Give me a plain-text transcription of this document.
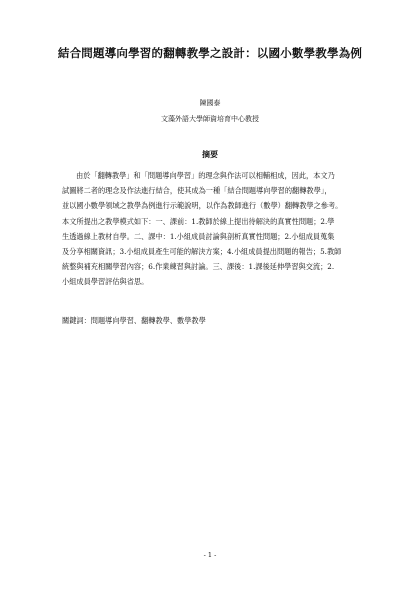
結合問題導向學習的翻轉教學之設計：以國小數學教學為例
陳國泰
文藻外語大學師資培育中心教授
摘要
由於「翻轉教學」和「問題導向學習」的理念與作法可以相輔相成，因此，本文乃
試圖將二者的理念及作法進行結合，使其成為一種「結合問題導向學習的翻轉教學」，
並以國小數學領域之教學為例進行示範說明，以作為教師進行（數學）翻轉教學之參考。
本文所提出之教學模式如下：一、課前：1.教師於線上提出待解決的真實性問題；2.學
生透過線上教材自學。二、課中：1.小組成員討論與剖析真實性問題；2.小組成員蒐集
及分享相關資訊；3.小組成員產生可能的解決方案；4.小組成員提出問題的報告；5.教師
統整與補充相關學習內容；6.作業練習與討論。三、課後：1.課後延伸學習與交流；2.
小組成員學習評估與省思。
關鍵詞：問題導向學習、翻轉教學、數學教學
- 1 -
